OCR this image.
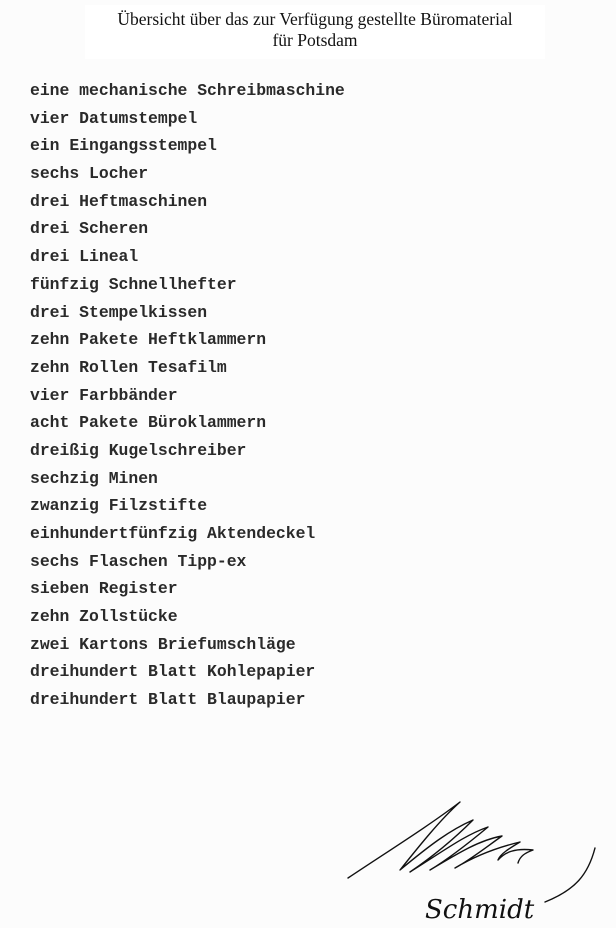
Übersicht über das zur Verfügung gestellte Büromaterial
für Potsdam
eine mechanische Schreibmaschine
vier Datumstempel
ein Eingangsstempel
sechs Locher
drei Heftmaschinen
drei Scheren
drei Lineal
fünfzig Schnellhefter
drei Stempelkissen
zehn Pakete Heftklammern
zehn Rollen Tesafilm
vier Farbbänder
acht Pakete Büroklammern
dreißig Kugelschreiber
sechzig Minen
zwanzig Filzstifte
einhundertfünfzig Aktendeckel
sechs Flaschen Tipp-ex
sieben Register
zehn Zollstücke
zwei Kartons Briefumschläge
dreihundert Blatt Kohlepapier
dreihundert Blatt Blaupapier
Schmidt
